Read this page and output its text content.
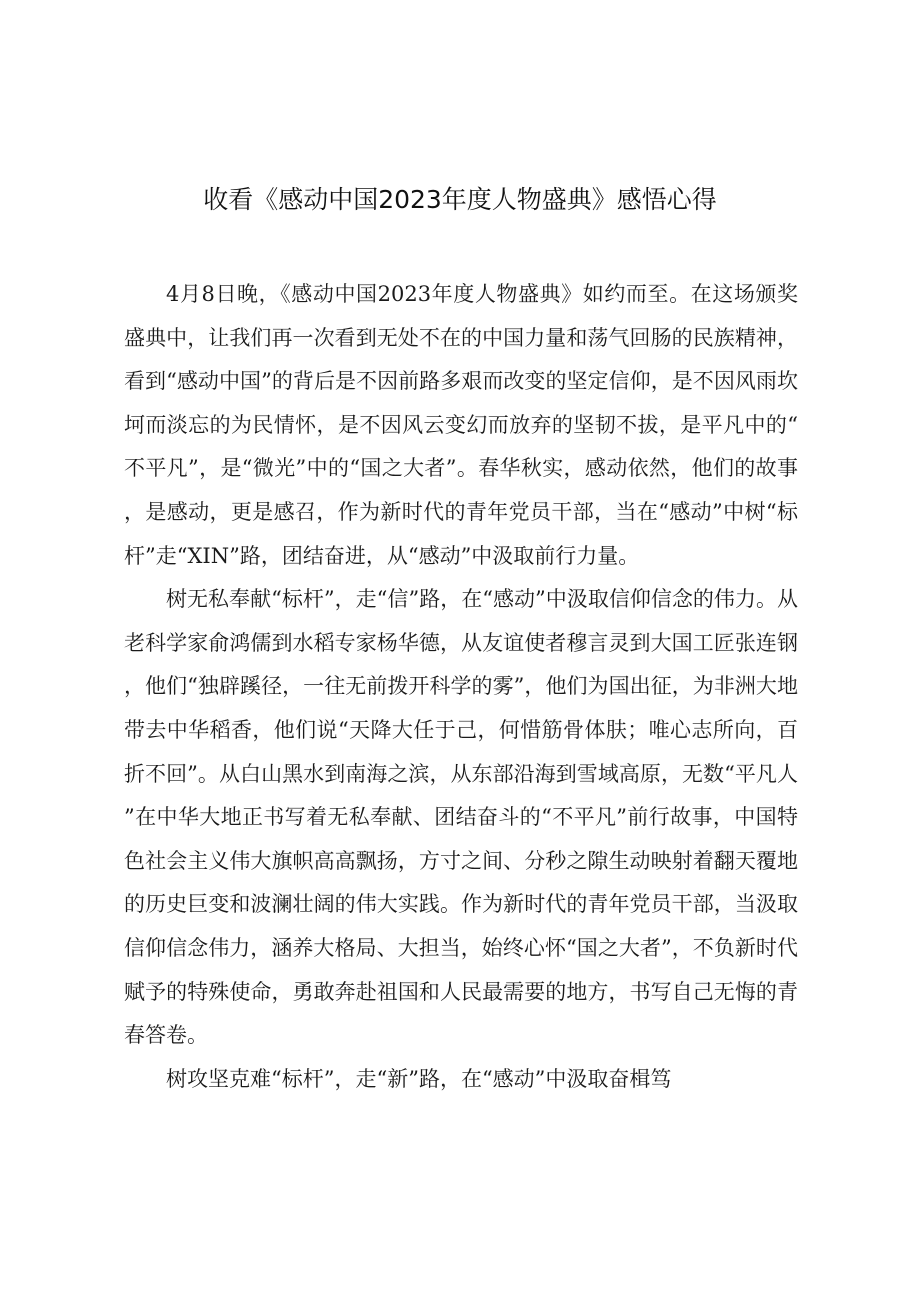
收看《感动中国2023年度人物盛典》感悟心得

4月8日晚，《感动中国2023年度人物盛典》如约而至。在这场颁奖盛典中，让我们再一次看到无处不在的中国力量和荡气回肠的民族精神，看到“感动中国”的背后是不因前路多艰而改变的坚定信仰，是不因风雨坎坷而淡忘的为民情怀，是不因风云变幻而放弃的坚韧不拔，是平凡中的“不平凡”，是“微光”中的“国之大者”。春华秋实，感动依然，他们的故事，是感动，更是感召，作为新时代的青年党员干部，当在“感动”中树“标杆”走“XIN”路，团结奋进，从“感动”中汲取前行力量。

树无私奉献“标杆”，走“信”路，在“感动”中汲取信仰信念的伟力。从老科学家俞鸿儒到水稻专家杨华德，从友谊使者穆言灵到大国工匠张连钢，他们“独辟蹊径，一往无前拨开科学的雾”，他们为国出征，为非洲大地带去中华稻香，他们说“天降大任于己，何惜筋骨体肤；唯心志所向，百折不回”。从白山黑水到南海之滨，从东部沿海到雪域高原，无数“平凡人”在中华大地正书写着无私奉献、团结奋斗的“不平凡”前行故事，中国特色社会主义伟大旗帜高高飘扬，方寸之间、分秒之隙生动映射着翻天覆地的历史巨变和波澜壮阔的伟大实践。作为新时代的青年党员干部，当汲取信仰信念伟力，涵养大格局、大担当，始终心怀“国之大者”，不负新时代赋予的特殊使命，勇敢奔赴祖国和人民最需要的地方，书写自己无悔的青春答卷。

树攻坚克难“标杆”，走“新”路，在“感动”中汲取奋楫笃
